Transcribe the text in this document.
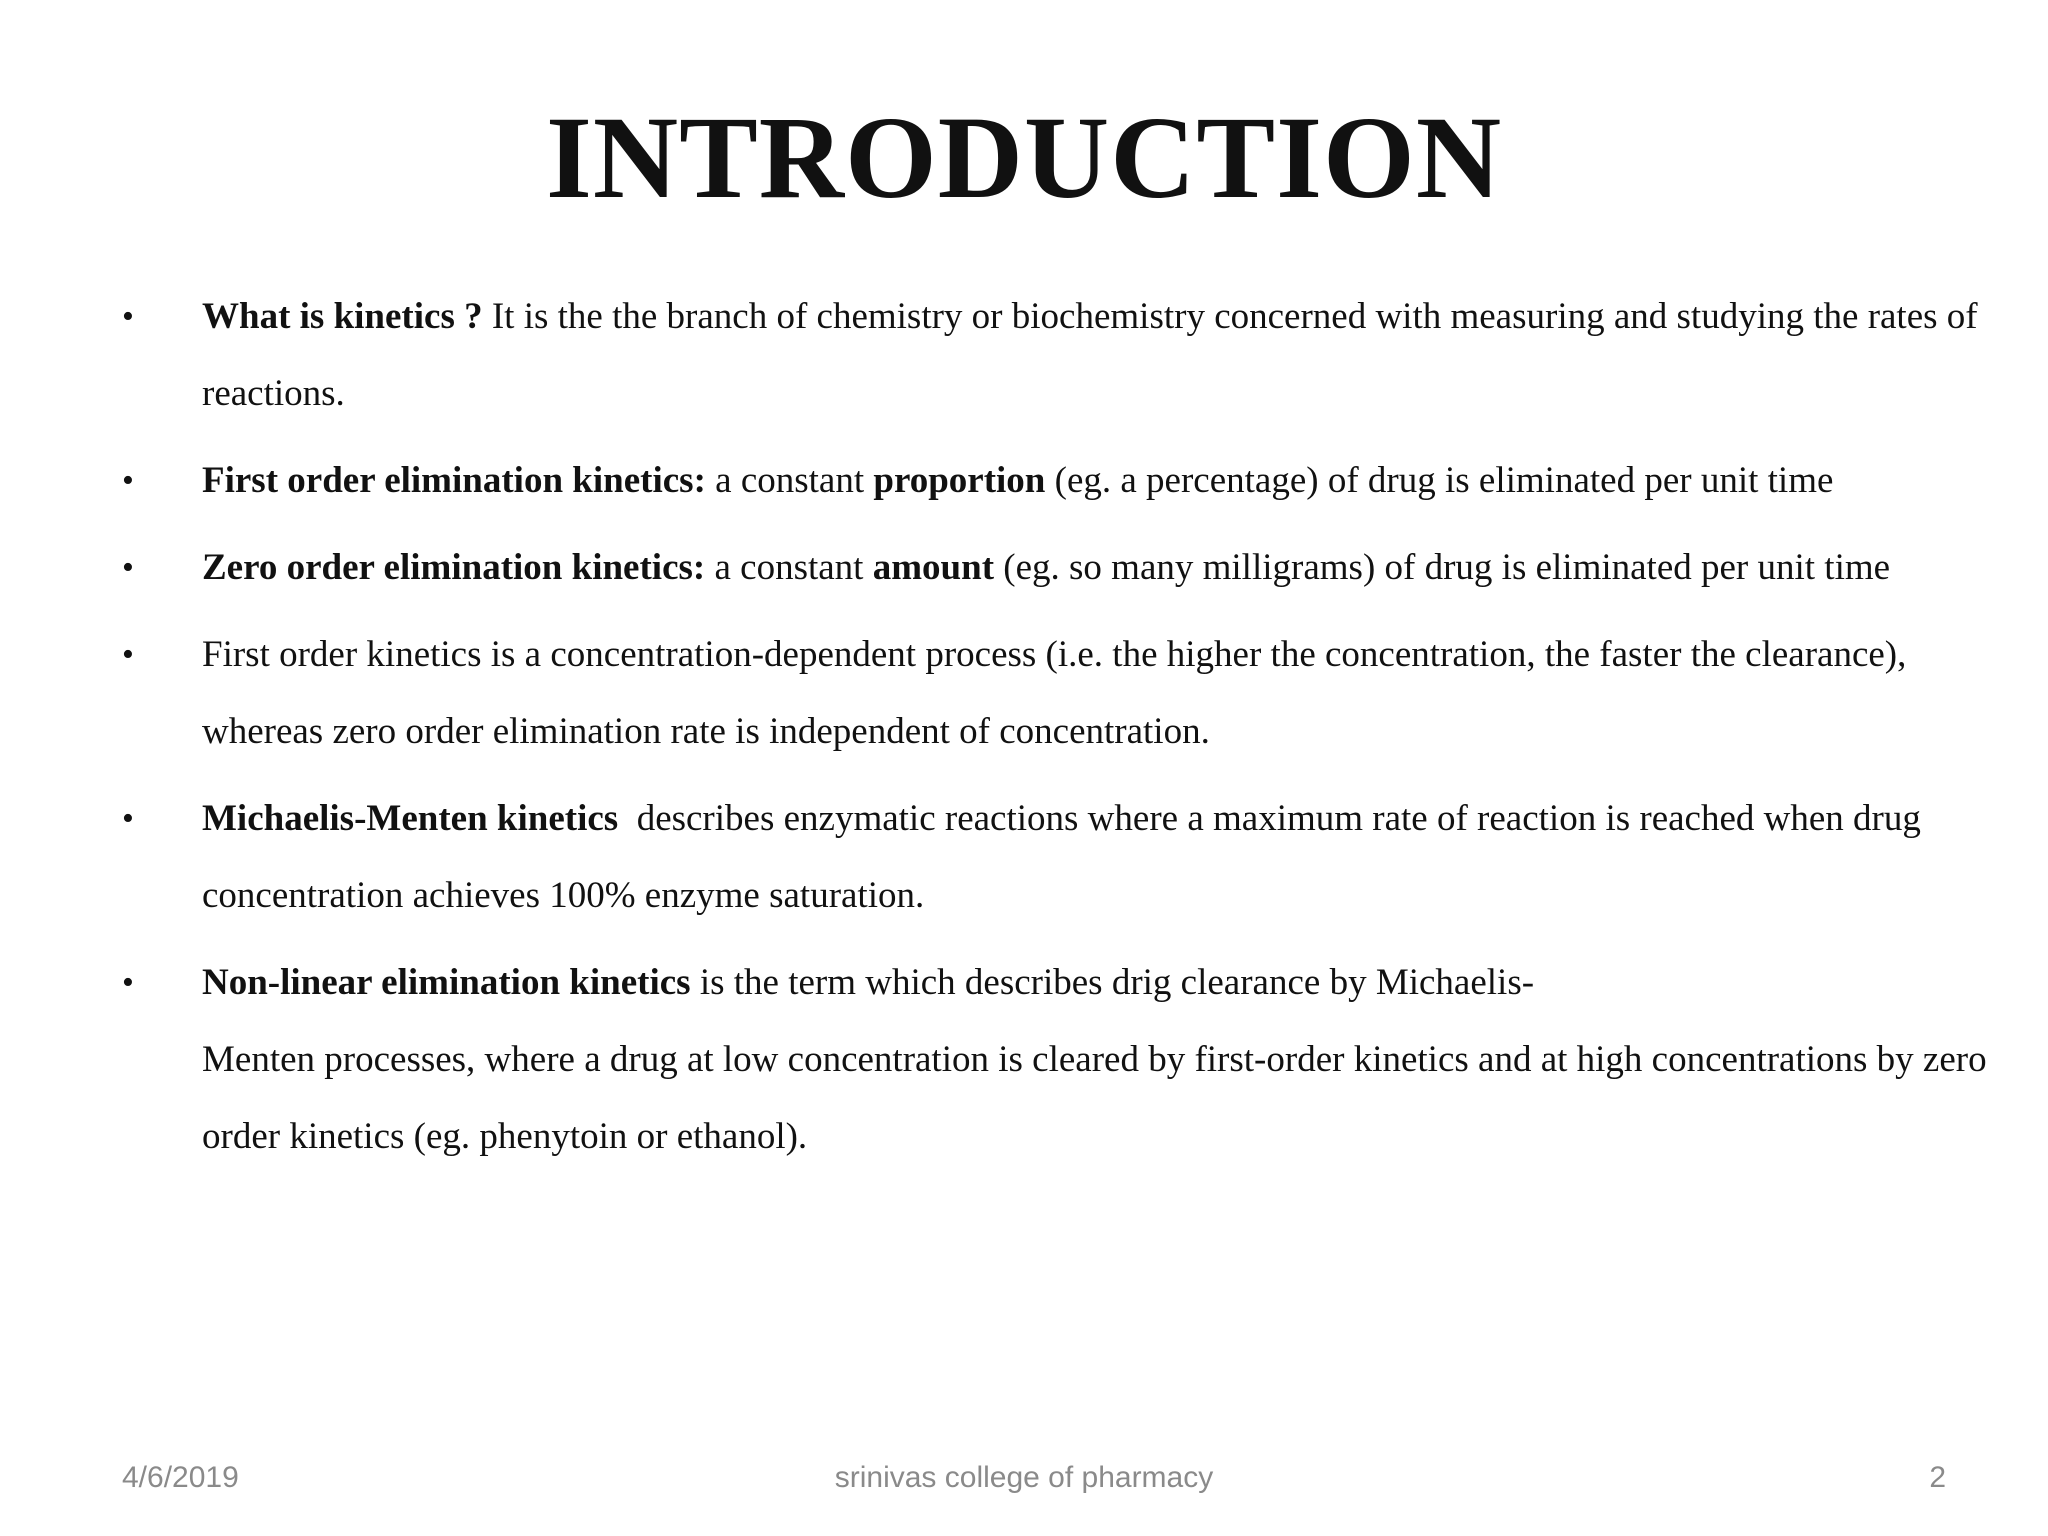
INTRODUCTION
• What is kinetics ? It is the the branch of chemistry or biochemistry concerned with measuring and studying the rates of reactions.
• First order elimination kinetics: a constant proportion (eg. a percentage) of drug is eliminated per unit time
• Zero order elimination kinetics: a constant amount (eg. so many milligrams) of drug is eliminated per unit time
• First order kinetics is a concentration-dependent process (i.e. the higher the concentration, the faster the clearance), whereas zero order elimination rate is independent of concentration.
• Michaelis-Menten kinetics  describes enzymatic reactions where a maximum rate of reaction is reached when drug concentration achieves 100% enzyme saturation.
• Non-linear elimination kinetics is the term which describes drig clearance by Michaelis-
Menten processes, where a drug at low concentration is cleared by first-order kinetics and at high concentrations by zero order kinetics (eg. phenytoin or ethanol).
4/6/2019	srinivas college of pharmacy	2
